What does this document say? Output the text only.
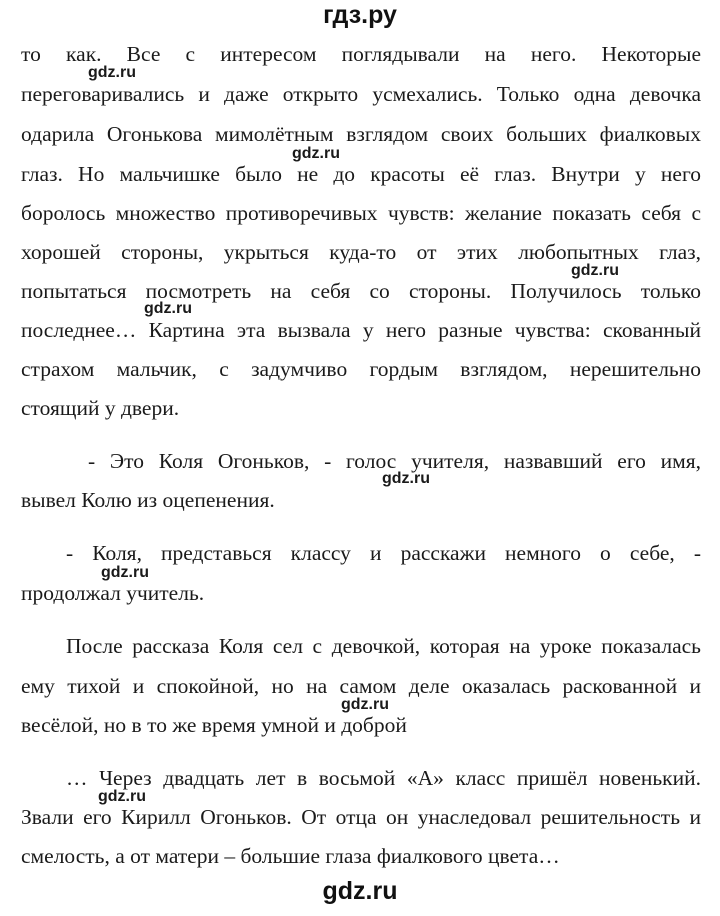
гдз.ру
то как. Все с интересом поглядывали на него. Некоторые
переговаривались и даже открыто усмехались. Только одна девочка
одарила Огонькова мимолётным взглядом своих больших фиалковых
глаз. Но мальчишке было не до красоты её глаз. Внутри у него
боролось множество противоречивых чувств: желание показать себя с
хорошей стороны, укрыться куда-то от этих любопытных глаз,
попытаться посмотреть на себя со стороны. Получилось только
последнее… Картина эта вызвала у него разные чувства: скованный
страхом мальчик, с задумчиво гордым взглядом, нерешительно
стоящий у двери.
- Это Коля Огоньков, - голос учителя, назвавший его имя,
вывел Колю из оцепенения.
- Коля, представься классу и расскажи немного о себе, -
продолжал учитель.
После рассказа Коля сел с девочкой, которая на уроке показалась
ему тихой и спокойной, но на самом деле оказалась раскованной и
весёлой, но в то же время умной и доброй
… Через двадцать лет в восьмой «А» класс пришёл новенький.
Звали его Кирилл Огоньков. От отца он унаследовал решительность и
смелость, а от матери – большие глаза фиалкового цвета…
gdz.ru
gdz.ru
gdz.ru
gdz.ru
gdz.ru
gdz.ru
gdz.ru
gdz.ru
gdz.ru
